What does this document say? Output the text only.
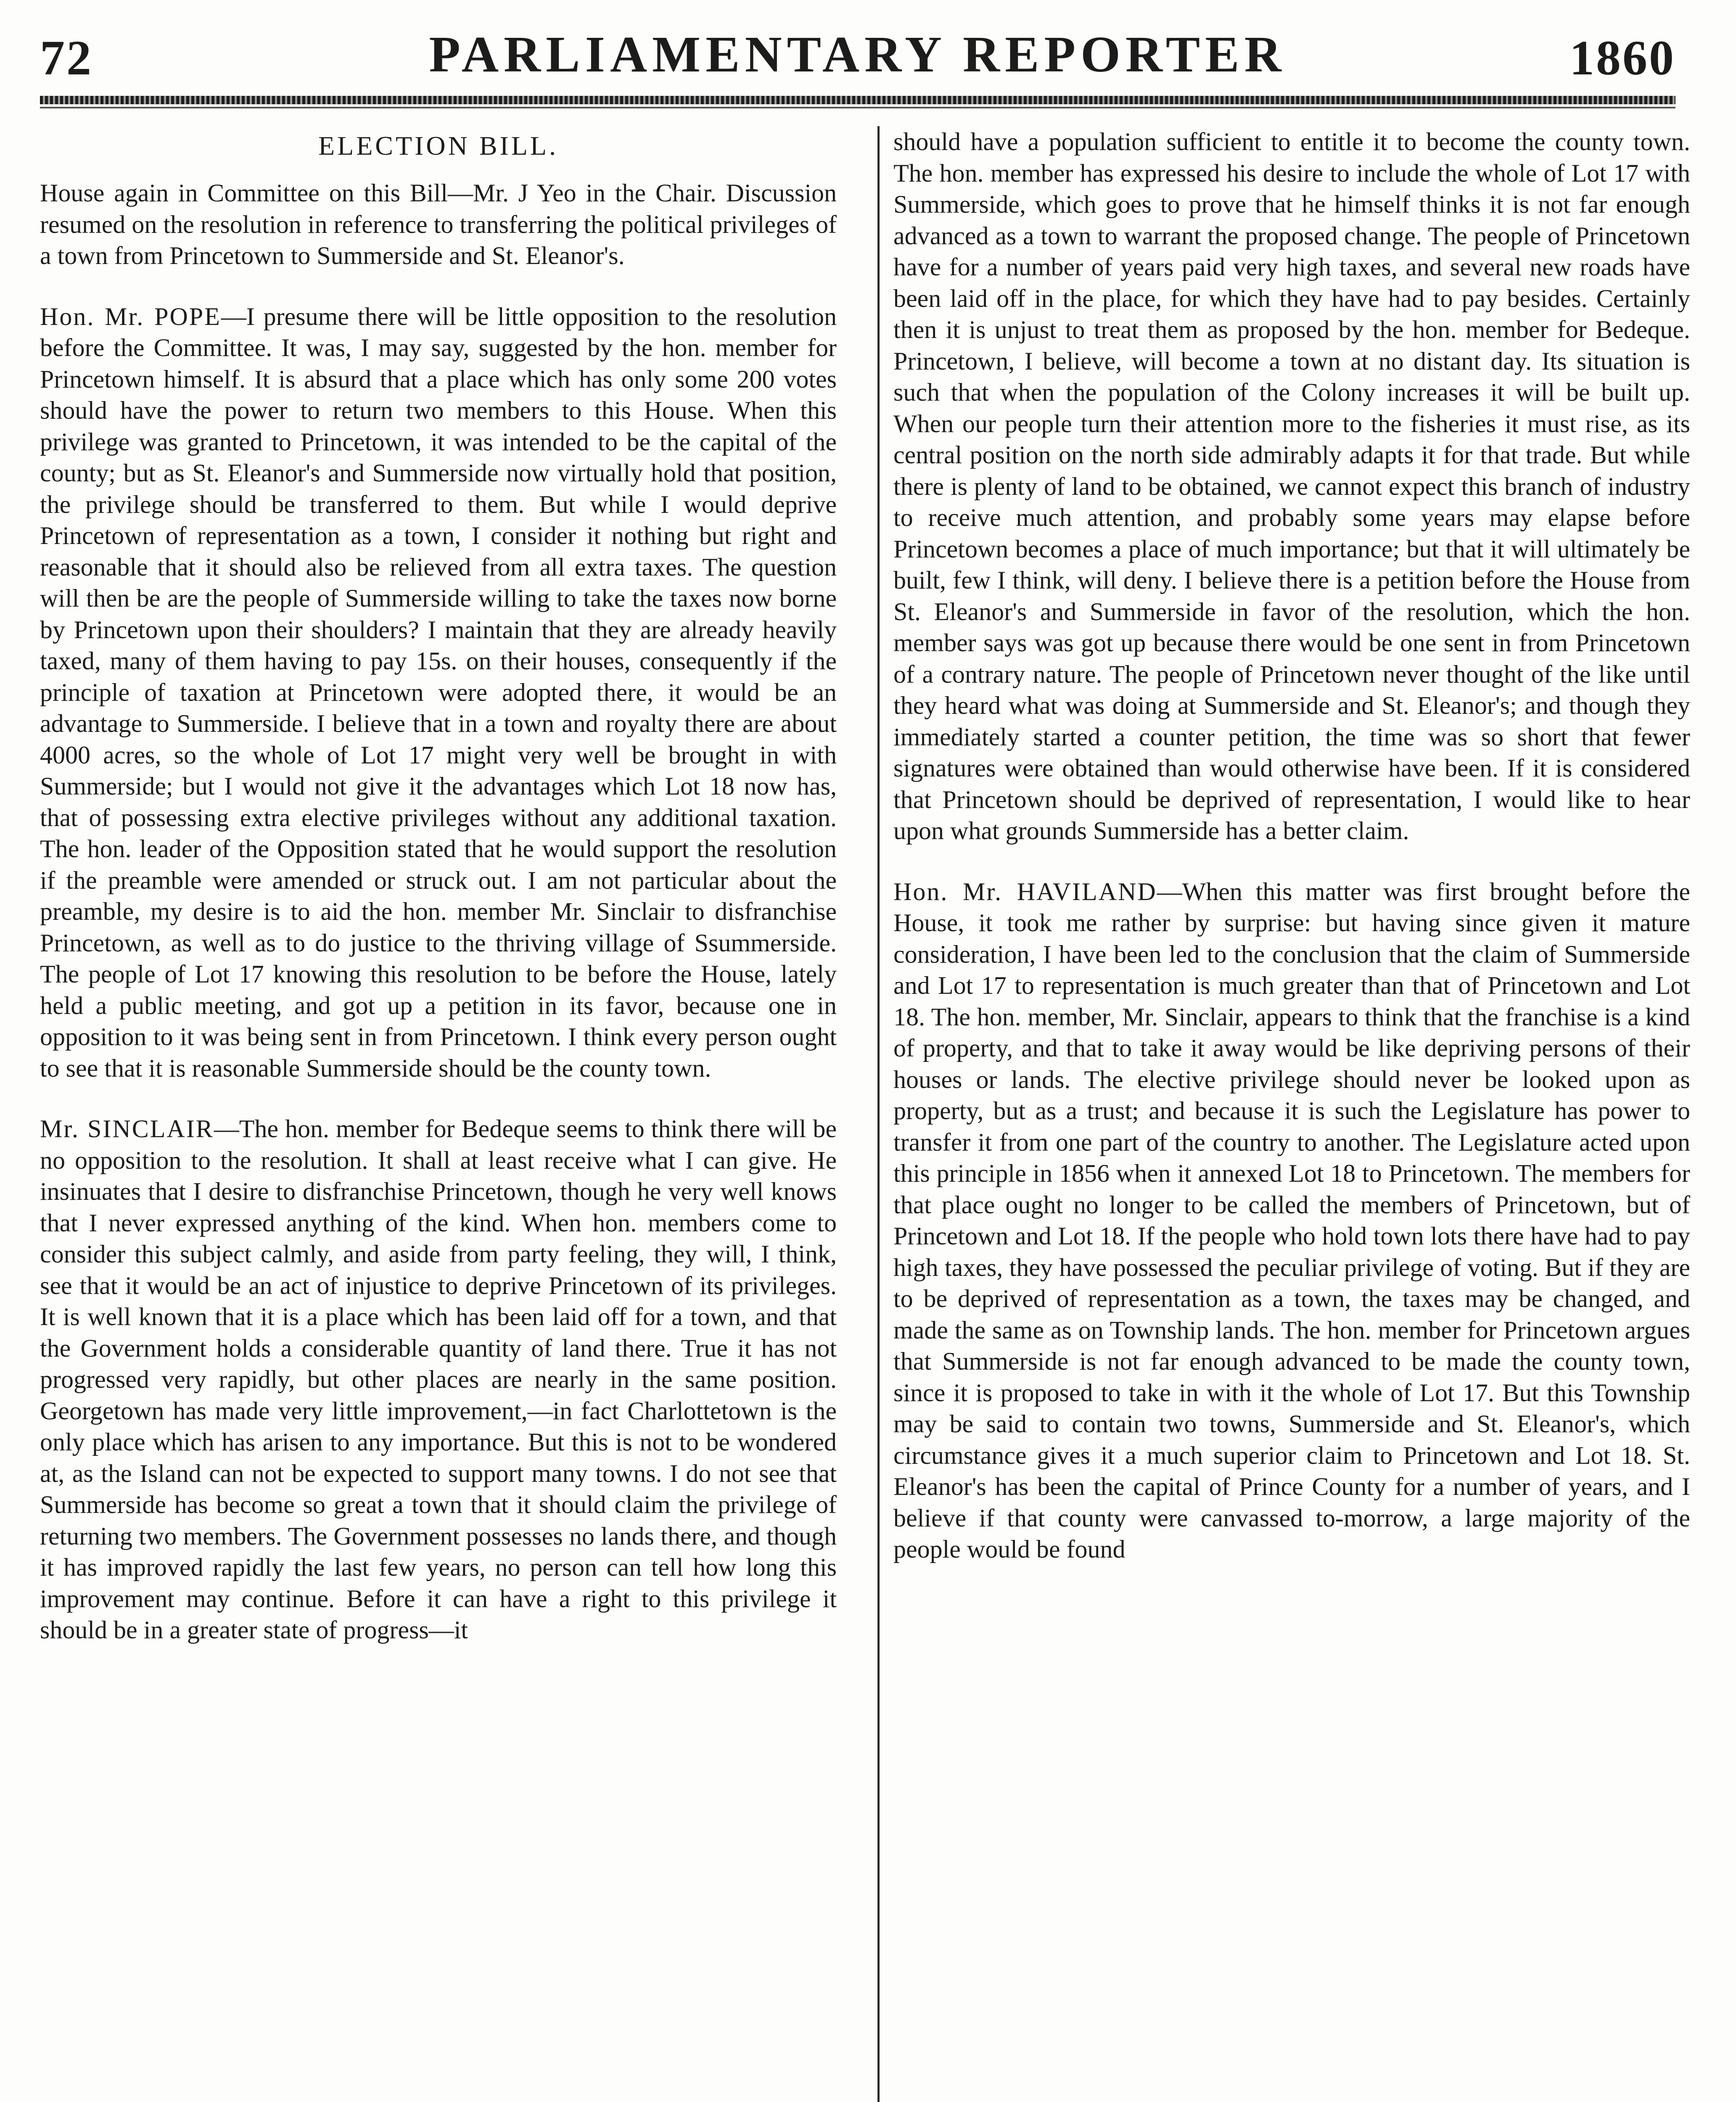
72	PARLIAMENTARY REPORTER	1860
ELECTION BILL.

House again in Committee on this Bill—Mr. J Yeo in the Chair. Discussion resumed on the resolution in reference to transferring the political privileges of a town from Princetown to Summerside and St. Eleanor's.

Hon. Mr. POPE—I presume there will be little opposition to the resolution before the Committee. It was, I may say, suggested by the hon. member for Princetown himself. It is absurd that a place which has only some 200 votes should have the power to return two members to this House. When this privilege was granted to Princetown, it was intended to be the capital of the county; but as St. Eleanor's and Summerside now virtually hold that position, the privilege should be transferred to them. But while I would deprive Princetown of representation as a town, I consider it nothing but right and reasonable that it should also be relieved from all extra taxes. The question will then be are the people of Summerside willing to take the taxes now borne by Princetown upon their shoulders? I maintain that they are already heavily taxed, many of them having to pay 15s. on their houses, consequently if the principle of taxation at Princetown were adopted there, it would be an advantage to Summerside. I believe that in a town and royalty there are about 4000 acres, so the whole of Lot 17 might very well be brought in with Summerside; but I would not give it the advantages which Lot 18 now has, that of possessing extra elective privileges without any additional taxation. The hon. leader of the Opposition stated that he would support the resolution if the preamble were amended or struck out. I am not particular about the preamble, my desire is to aid the hon. member Mr. Sinclair to disfranchise Princetown, as well as to do justice to the thriving village of Ssummerside. The people of Lot 17 knowing this resolution to be before the House, lately held a public meeting, and got up a petition in its favor, because one in opposition to it was being sent in from Princetown. I think every person ought to see that it is reasonable Summerside should be the county town.

Mr. SINCLAIR—The hon. member for Bedeque seems to think there will be no opposition to the resolution. It shall at least receive what I can give. He insinuates that I desire to disfranchise Princetown, though he very well knows that I never expressed anything of the kind. When hon. members come to consider this subject calmly, and aside from party feeling, they will, I think, see that it would be an act of injustice to deprive Princetown of its privileges. It is well known that it is a place which has been laid off for a town, and that the Government holds a considerable quantity of land there. True it has not progressed very rapidly, but other places are nearly in the same position. Georgetown has made very little improvement,—in fact Charlottetown is the only place which has arisen to any importance. But this is not to be wondered at, as the Island can not be expected to support many towns. I do not see that Summerside has become so great a town that it should claim the privilege of returning two members. The Government possesses no lands there, and though it has improved rapidly the last few years, no person can tell how long this improvement may continue. Before it can have a right to this privilege it should be in a greater state of progress—it

should have a population sufficient to entitle it to become the county town. The hon. member has expressed his desire to include the whole of Lot 17 with Summerside, which goes to prove that he himself thinks it is not far enough advanced as a town to warrant the proposed change. The people of Princetown have for a number of years paid very high taxes, and several new roads have been laid off in the place, for which they have had to pay besides. Certainly then it is unjust to treat them as proposed by the hon. member for Bedeque. Princetown, I believe, will become a town at no distant day. Its situation is such that when the population of the Colony increases it will be built up. When our people turn their attention more to the fisheries it must rise, as its central position on the north side admirably adapts it for that trade. But while there is plenty of land to be obtained, we cannot expect this branch of industry to receive much attention, and probably some years may elapse before Princetown becomes a place of much importance; but that it will ultimately be built, few I think, will deny. I believe there is a petition before the House from St. Eleanor's and Summerside in favor of the resolution, which the hon. member says was got up because there would be one sent in from Princetown of a contrary nature. The people of Princetown never thought of the like until they heard what was doing at Summerside and St. Eleanor's; and though they immediately started a counter petition, the time was so short that fewer signatures were obtained than would otherwise have been. If it is considered that Princetown should be deprived of representation, I would like to hear upon what grounds Summerside has a better claim.

Hon. Mr. HAVILAND—When this matter was first brought before the House, it took me rather by surprise: but having since given it mature consideration, I have been led to the conclusion that the claim of Summerside and Lot 17 to representation is much greater than that of Princetown and Lot 18. The hon. member, Mr. Sinclair, appears to think that the franchise is a kind of property, and that to take it away would be like depriving persons of their houses or lands. The elective privilege should never be looked upon as property, but as a trust; and because it is such the Legislature has power to transfer it from one part of the country to another. The Legislature acted upon this principle in 1856 when it annexed Lot 18 to Princetown. The members for that place ought no longer to be called the members of Princetown, but of Princetown and Lot 18. If the people who hold town lots there have had to pay high taxes, they have possessed the peculiar privilege of voting. But if they are to be deprived of representation as a town, the taxes may be changed, and made the same as on Township lands. The hon. member for Princetown argues that Summerside is not far enough advanced to be made the county town, since it is proposed to take in with it the whole of Lot 17. But this Township may be said to contain two towns, Summerside and St. Eleanor's, which circumstance gives it a much superior claim to Princetown and Lot 18. St. Eleanor's has been the capital of Prince County for a number of years, and I believe if that county were canvassed to-morrow, a large majority of the people would be found
